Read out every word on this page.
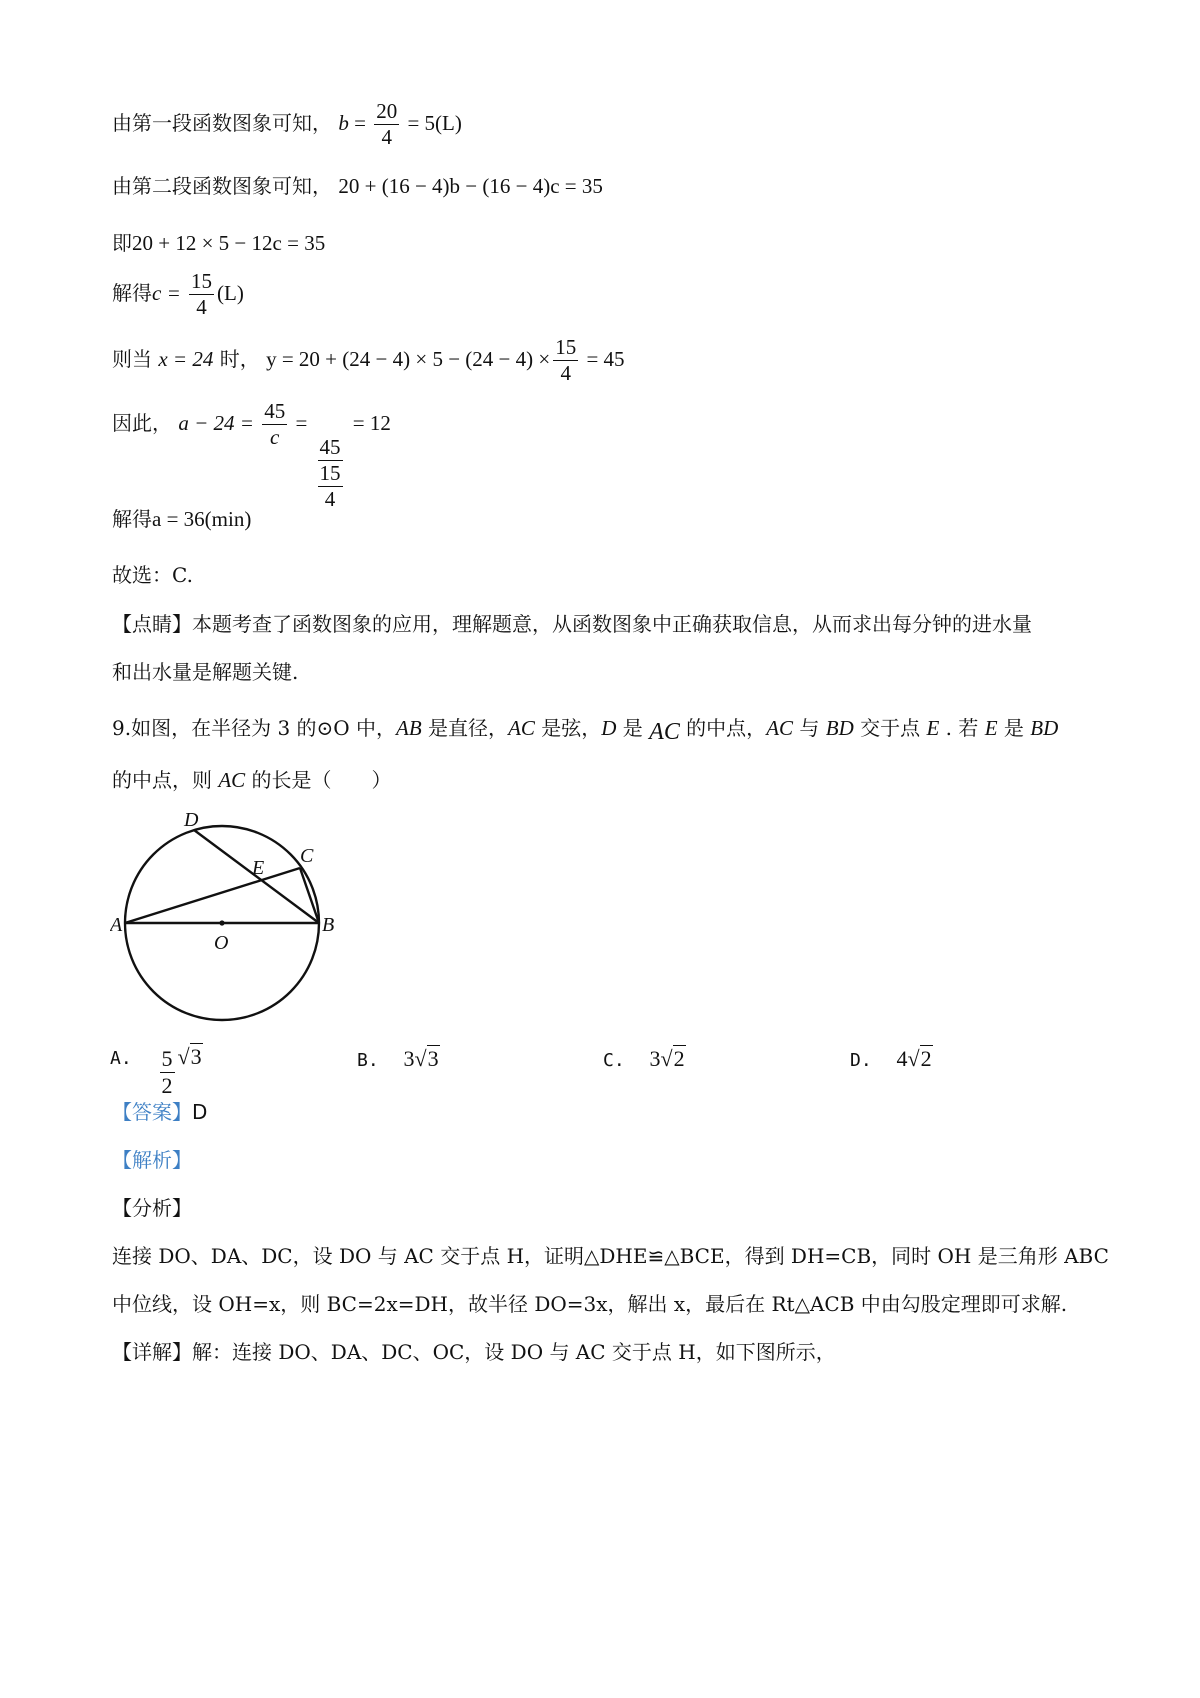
由第一段函数图象可知， $b = \frac{20}{4} = 5(L)$
由第二段函数图象可知， 20 + (16 − 4)b − (16 − 4)c = 35
即20 + 12 × 5 − 12c = 35
解得$c = \frac{15}{4} (L)$
则当 x = 24 时， $y = 20 + (24 - 4) \times 5 - (24 - 4) \times \frac{15}{4} = 45$
因此， $a - 24 = \frac{45}{c}$ =
$\frac{45}{\frac{15}{4}}$
= 12
解得a = 36(min)
故选：C.
【点睛】本题考查了函数图象的应用，理解题意，从函数图象中正确获取信息，从而求出每分钟的进水量
和出水量是解题关键.
9.如图，在半径为 3 的⊙O 中，AB 是直径，AC 是弦，D 是 AC 的中点，AC 与 BD 交于点 E . 若 E 是 BD
的中点，则 AC 的长是（　　）
D
E
C
A
O
B
A. $\frac{5}{2} √3$	B. 3√3	C. 3√2	D. 4√2
【答案】D
【解析】
【分析】
连接 DO、DA、DC，设 DO 与 AC 交于点 H，证明△DHE≌△BCE，得到 DH=CB，同时 OH 是三角形 ABC
中位线，设 OH=x，则 BC=2x=DH，故半径 DO=3x，解出 x，最后在 Rt△ACB 中由勾股定理即可求解.
【详解】解：连接 DO、DA、DC、OC，设 DO 与 AC 交于点 H，如下图所示，
